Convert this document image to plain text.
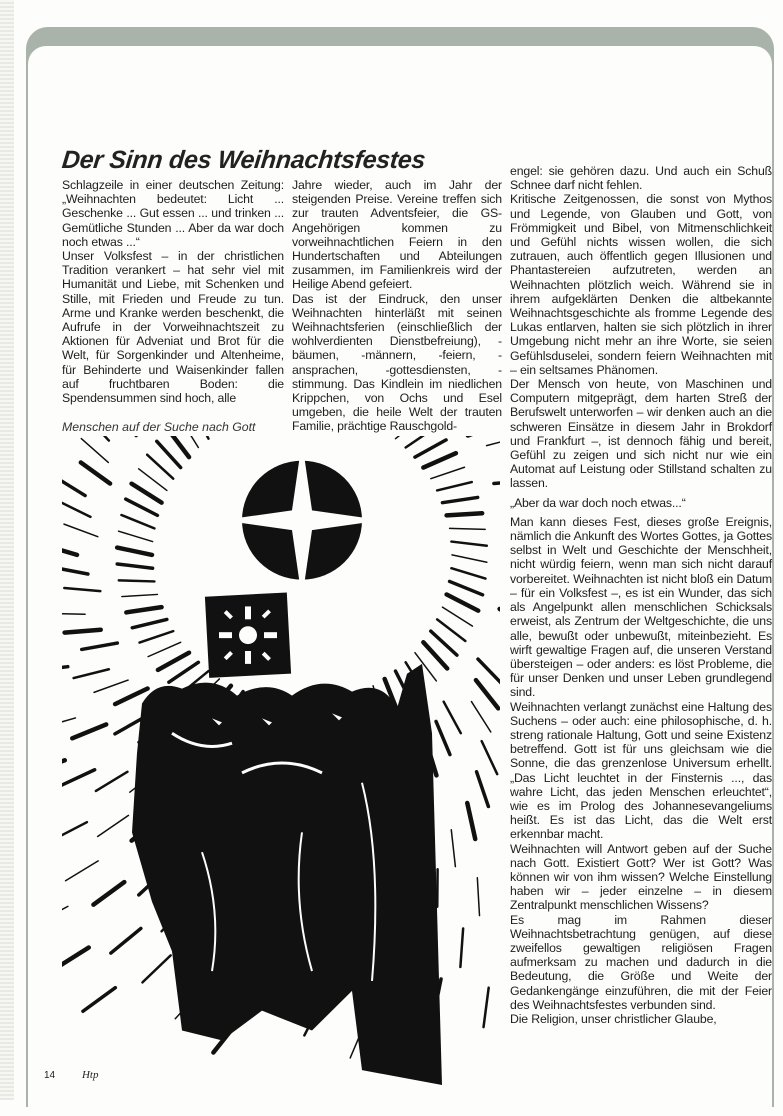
Der Sinn des Weihnachtsfestes

Schlagzeile in einer deutschen Zeitung: „Weihnachten bedeutet: Licht ... Geschenke ... Gut essen ... und trinken ... Gemütliche Stunden ... Aber da war doch noch etwas ...“

Unser Volksfest – in der christlichen Tradition verankert – hat sehr viel mit Humanität und Liebe, mit Schenken und Stille, mit Frieden und Freude zu tun. Arme und Kranke werden beschenkt, die Aufrufe in der Vorweihnachtszeit zu Aktionen für Adveniat und Brot für die Welt, für Sorgenkinder und Altenheime, für Behinderte und Waisenkinder fallen auf fruchtbaren Boden: die Spendensummen sind hoch, alle

Jahre wieder, auch im Jahr der steigenden Preise. Vereine treffen sich zur trauten Adventsfeier, die GS-Angehörigen kommen zu vorweihnachtlichen Feiern in den Hundertschaften und Abteilungen zusammen, im Familienkreis wird der Heilige Abend gefeiert.

Das ist der Eindruck, den unser Weihnachten hinterläßt mit seinen Weihnachtsferien (einschließlich der wohlverdienten Dienstbefreiung), -bäumen, -männern, -feiern, -ansprachen, -gottesdiensten, -stimmung. Das Kindlein im niedlichen Krippchen, von Ochs und Esel umgeben, die heile Welt der trauten Familie, prächtige Rauschgold-

engel: sie gehören dazu. Und auch ein Schuß Schnee darf nicht fehlen.

Kritische Zeitgenossen, die sonst von Mythos und Legende, von Glauben und Gott, von Frömmigkeit und Bibel, von Mitmenschlichkeit und Gefühl nichts wissen wollen, die sich zutrauen, auch öffentlich gegen Illusionen und Phantastereien aufzutreten, werden an Weihnachten plötzlich weich. Während sie in ihrem aufgeklärten Denken die altbekannte Weihnachtsgeschichte als fromme Legende des Lukas entlarven, halten sie sich plötzlich in ihrer Umgebung nicht mehr an ihre Worte, sie seien Gefühlsduselei, sondern feiern Weihnachten mit – ein seltsames Phänomen.

Der Mensch von heute, von Maschinen und Computern mitgeprägt, dem harten Streß der Berufswelt unterworfen – wir denken auch an die schweren Einsätze in diesem Jahr in Brokdorf und Frankfurt –, ist dennoch fähig und bereit, Gefühl zu zeigen und sich nicht nur wie ein Automat auf Leistung oder Stillstand schalten zu lassen.

„Aber da war doch noch etwas...“

Man kann dieses Fest, dieses große Ereignis, nämlich die Ankunft des Wortes Gottes, ja Gottes selbst in Welt und Geschichte der Menschheit, nicht würdig feiern, wenn man sich nicht darauf vorbereitet. Weihnachten ist nicht bloß ein Datum – für ein Volksfest –, es ist ein Wunder, das sich als Angelpunkt allen menschlichen Schicksals erweist, als Zentrum der Weltgeschichte, die uns alle, bewußt oder unbewußt, miteinbezieht. Es wirft gewaltige Fragen auf, die unseren Verstand übersteigen – oder anders: es löst Probleme, die für unser Denken und unser Leben grundlegend sind.

Weihnachten verlangt zunächst eine Haltung des Suchens – oder auch: eine philosophische, d. h. streng rationale Haltung, Gott und seine Existenz betreffend. Gott ist für uns gleichsam wie die Sonne, die das grenzenlose Universum erhellt. „Das Licht leuchtet in der Finsternis ..., das wahre Licht, das jeden Menschen erleuchtet“, wie es im Prolog des Johannesevangeliums heißt. Es ist das Licht, das die Welt erst erkennbar macht.

Weihnachten will Antwort geben auf der Suche nach Gott. Existiert Gott? Wer ist Gott? Was können wir von ihm wissen? Welche Einstellung haben wir – jeder einzelne – in diesem Zentralpunkt menschlichen Wissens?

Es mag im Rahmen dieser Weihnachtsbetrachtung genügen, auf diese zweifellos gewaltigen religiösen Fragen aufmerksam zu machen und dadurch in die Bedeutung, die Größe und Weite der Gedankengänge einzuführen, die mit der Feier des Weihnachtsfestes verbunden sind.

Die Religion, unser christlicher Glaube,

Menschen auf der Suche nach Gott
Htp
14
